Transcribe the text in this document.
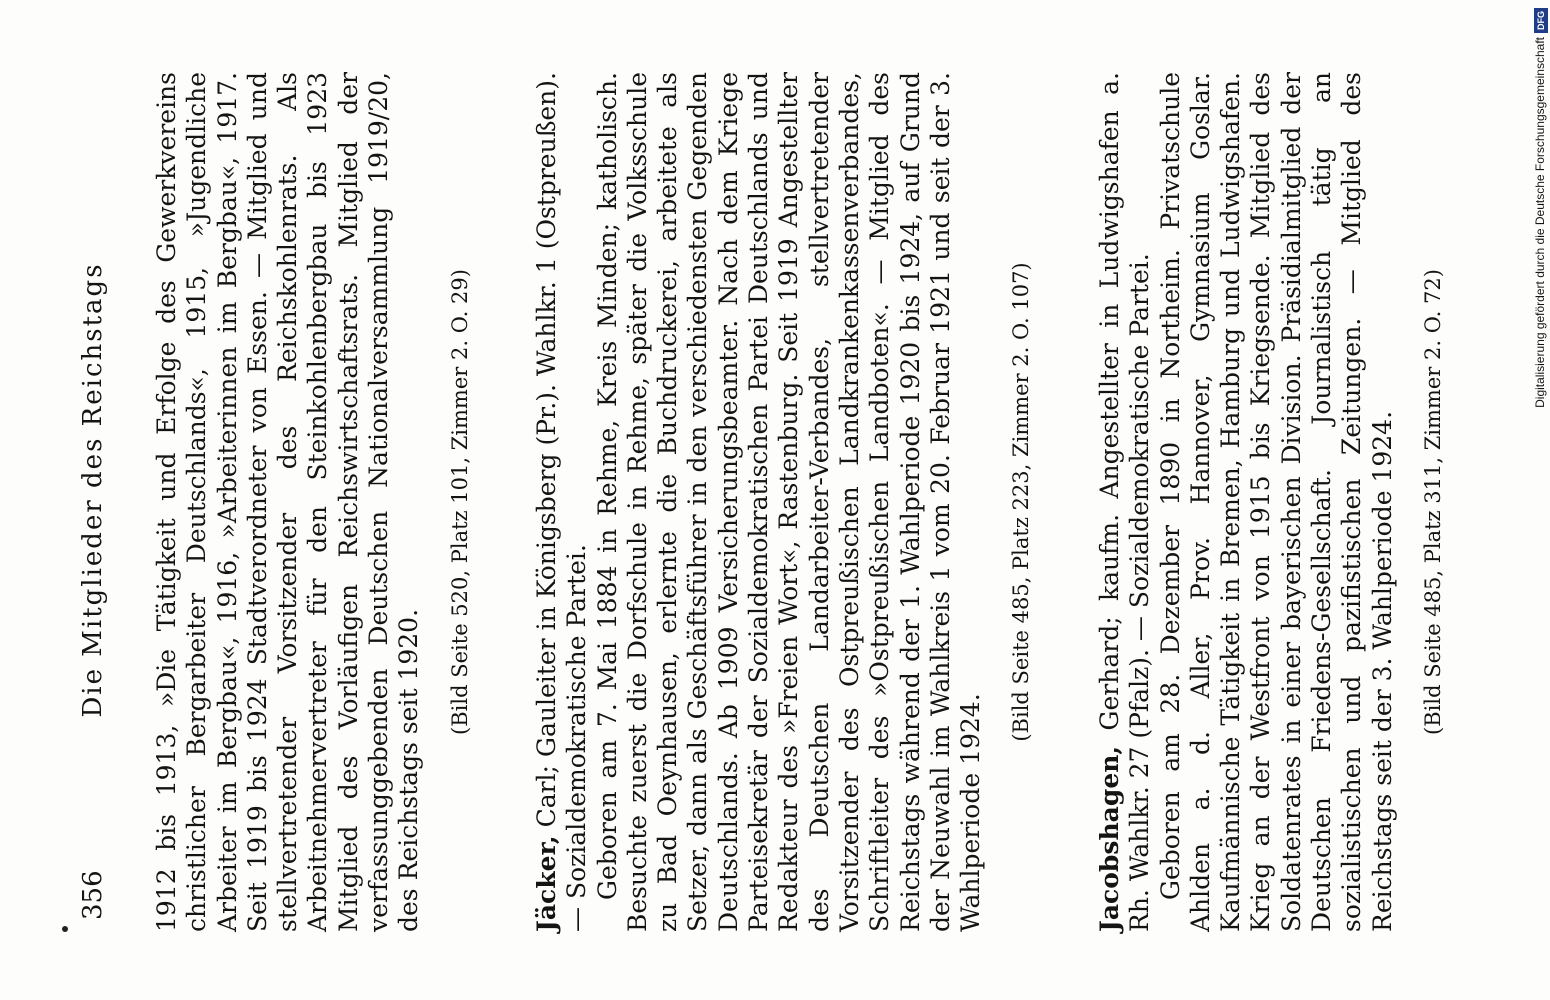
356
Die Mitglieder des Reichstags 1912 bis 1913, »Die Tätigkeit und Erfolge des Gewerkvereins christlicher Bergarbeiter Deutschlands«, 1915, »Jugendliche Arbeiter im Bergbau«, 1916, »Arbeiterinnen im Bergbau«, 1917. Seit 1919 bis 1924 Stadtverordneter von Essen. — Mitglied und stellvertretender Vorsitzender des Reichskohlenrats. Als Arbeitnehmervertreter für den Steinkohlenbergbau bis 1923 Mitglied des Vorläufigen Reichswirtschaftsrats. Mitglied der verfassunggebenden Deutschen Nationalversammlung 1919/20, des Reichstags seit 1920.

(Bild Seite 520, Platz 101, Zimmer 2. O. 29)

Jäcker, Carl; Gauleiter in Königsberg (Pr.). Wahlkr. 1 (Ostpreußen). — Sozialdemokratische Partei. Geboren am 7. Mai 1884 in Rehme, Kreis Minden; katholisch. Besuchte zuerst die Dorfschule in Rehme, später die Volksschule zu Bad Oeynhausen, erlernte die Buchdruckerei, arbeitete als Setzer, dann als Geschäftsführer in den verschiedensten Gegenden Deutschlands. Ab 1909 Versicherungsbeamter. Nach dem Kriege Parteisekretär der Sozialdemokratischen Partei Deutschlands und Redakteur des »Freien Wort«, Rastenburg. Seit 1919 Angestellter des Deutschen Landarbeiter-Verbandes, stellvertretender Vorsitzender des Ostpreußischen Landkrankenkassenverbandes, Schriftleiter des »Ostpreußischen Landboten«. — Mitglied des Reichstags während der 1. Wahlperiode 1920 bis 1924, auf Grund der Neuwahl im Wahlkreis 1 vom 20. Februar 1921 und seit der 3. Wahlperiode 1924.

(Bild Seite 485, Platz 223, Zimmer 2. O. 107)

Jacobshagen, Gerhard; kaufm. Angestellter in Ludwigshafen a. Rh. Wahlkr. 27 (Pfalz). — Sozialdemokratische Partei. Geboren am 28. Dezember 1890 in Northeim. Privatschule Ahlden a. d. Aller, Prov. Hannover, Gymnasium Goslar. Kaufmännische Tätigkeit in Bremen, Hamburg und Ludwigshafen. Krieg an der Westfront von 1915 bis Kriegsende. Mitglied des Soldatenrates in einer bayerischen Division. Präsidialmitglied der Deutschen Friedens-Gesellschaft. Journalistisch tätig an sozialistischen und pazifistischen Zeitungen. — Mitglied des Reichstags seit der 3. Wahlperiode 1924. (Bild Seite 485, Platz 311, Zimmer 2. O. 72)
Digitalisierung gefördert durch die Deutsche ForschungsgemeinschaftDFG
